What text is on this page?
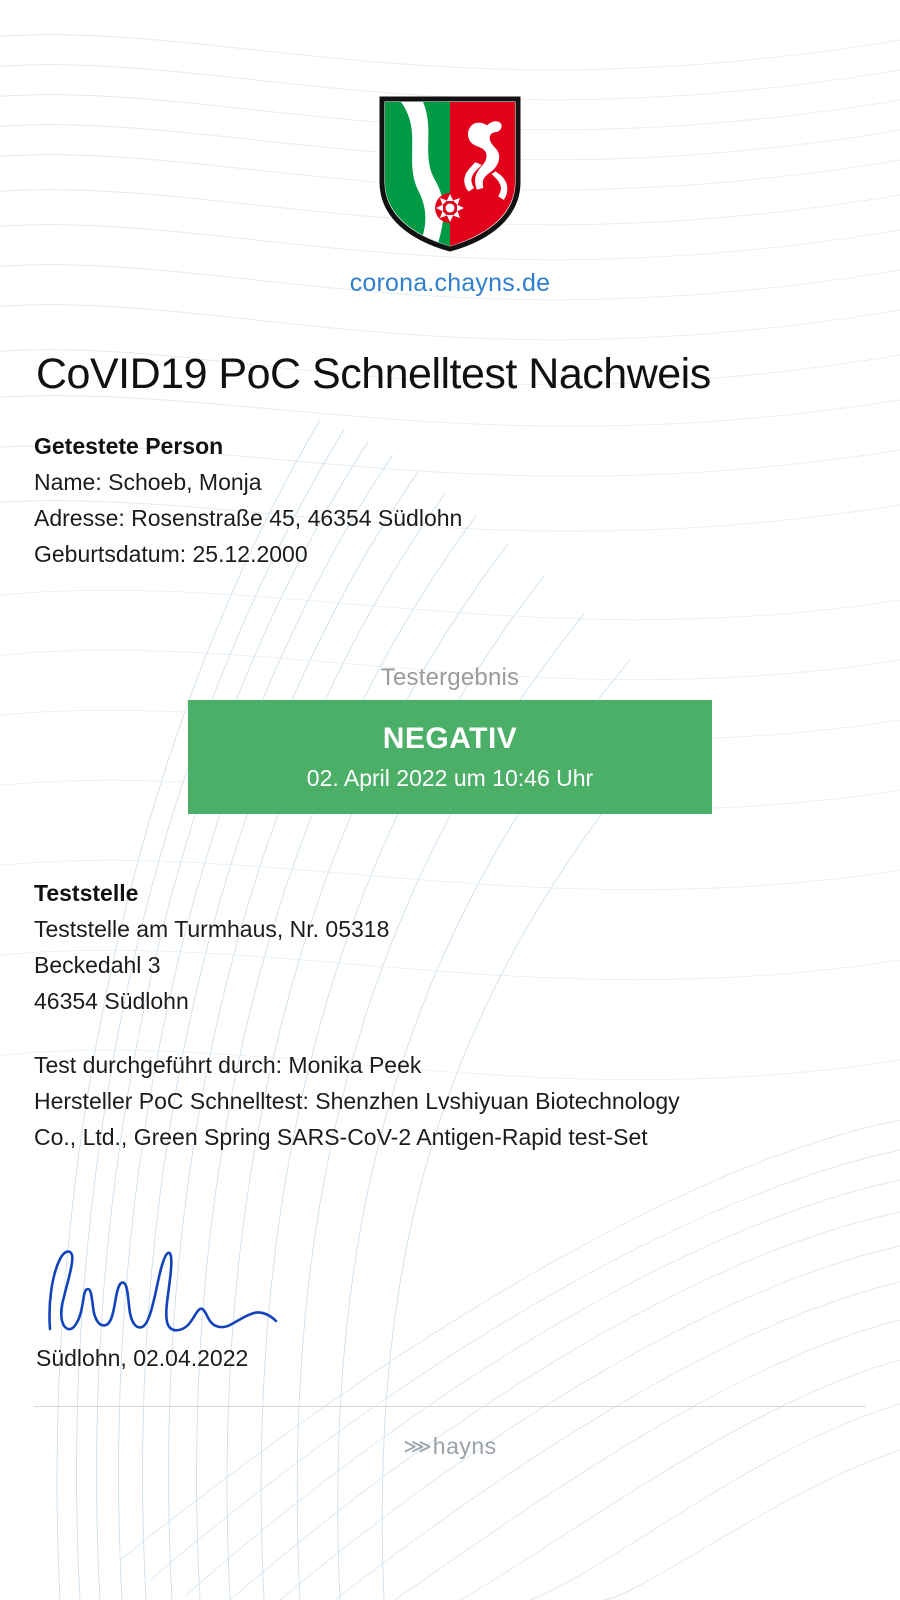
corona.chayns.de
CoVID19 PoC Schnelltest Nachweis
Getestete Person
Name: Schoeb, Monja
Adresse: Rosenstraße 45, 46354 Südlohn
Geburtsdatum: 25.12.2000
Testergebnis
NEGATIV
02. April 2022 um 10:46 Uhr
Teststelle
Teststelle am Turmhaus, Nr. 05318
Beckedahl 3
46354 Südlohn
Test durchgeführt durch: Monika Peek
Hersteller PoC Schnelltest: Shenzhen Lvshiyuan Biotechnology
Co., Ltd., Green Spring SARS-CoV-2 Antigen-Rapid test-Set
Südlohn, 02.04.2022
⋙ hayns
